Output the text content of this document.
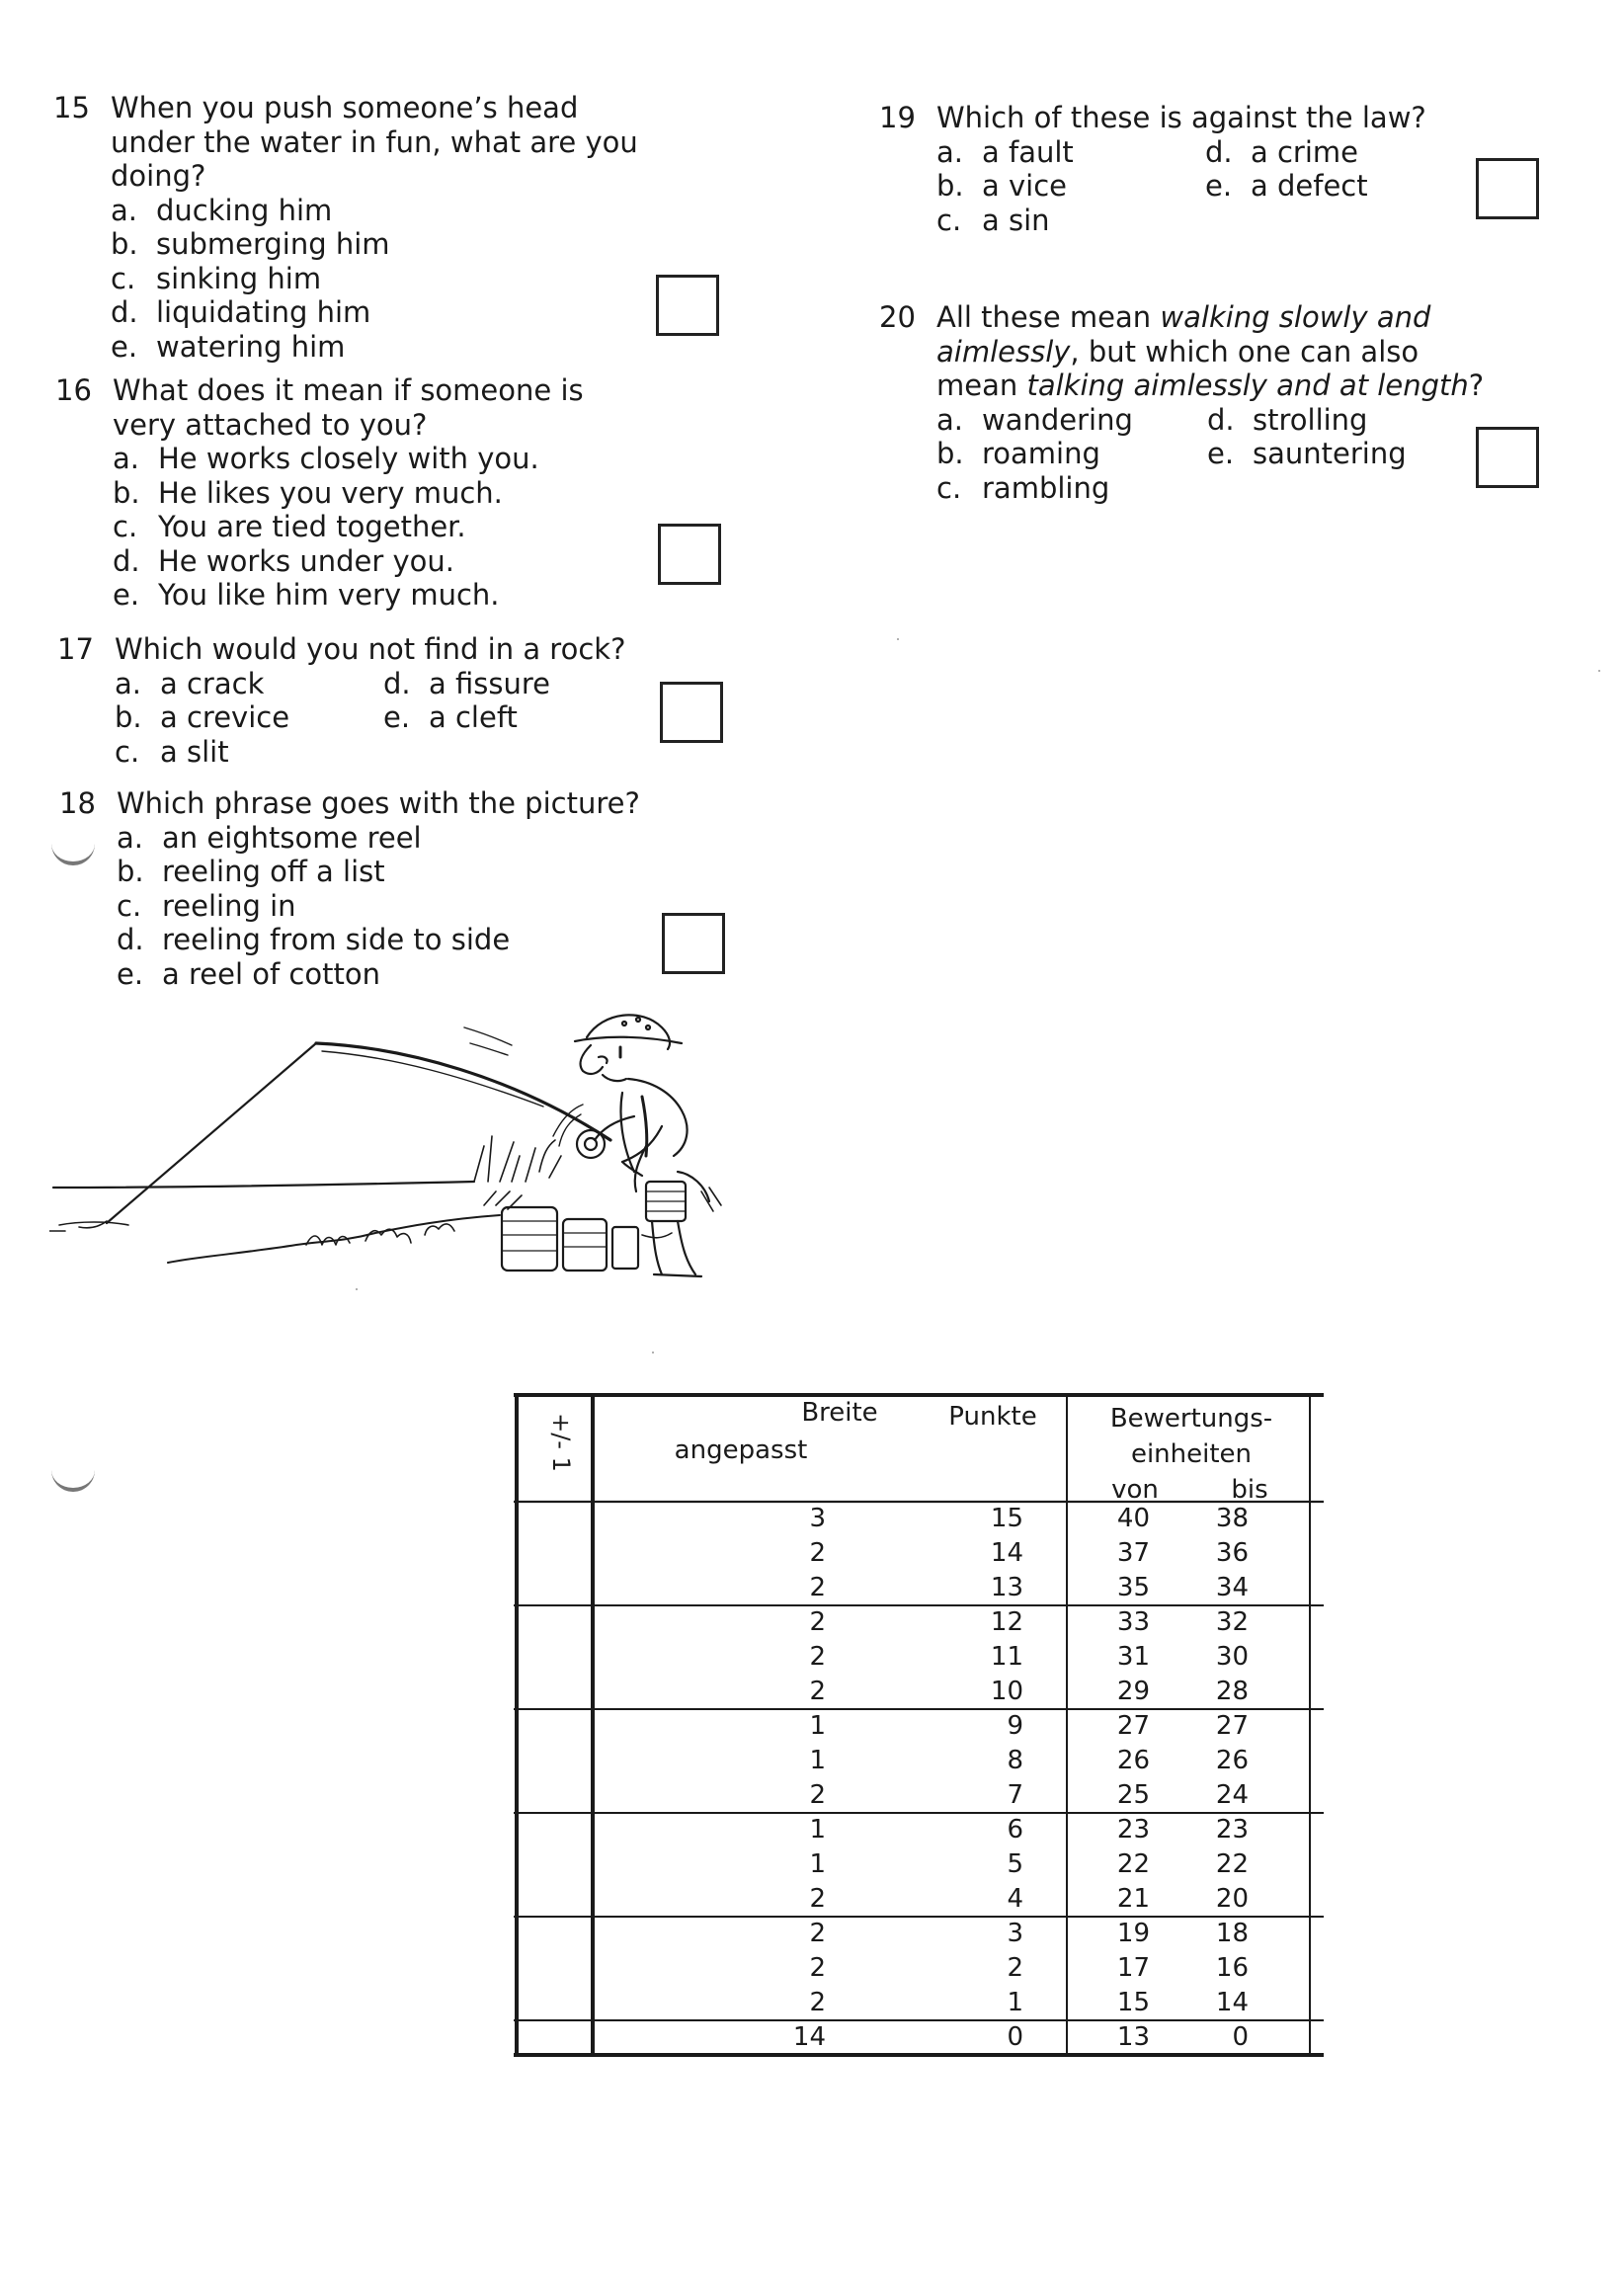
15 When you push someone’s head
under the water in fun, what are you
doing?
a. ducking him
b. submerging him
c. sinking him
d. liquidating him
e. watering him
16 What does it mean if someone is
very attached to you?
a. He works closely with you.
b. He likes you very much.
c. You are tied together.
d. He works under you.
e. You like him very much.
17 Which would you not find in a rock?
a. a crack
b. a crevice
c. a slit
d. a fissure
e. a cleft
18 Which phrase goes with the picture?
a. an eightsome reel
b. reeling off a list
c. reeling in
d. reeling from side to side
e. a reel of cotton
19 Which of these is against the law?
a. a fault
b. a vice
c. a sin
d. a crime
e. a defect
20 All these mean walking slowly and
aimlessly, but which one can also
mean talking aimlessly and at length?
a. wandering
b. roaming
c. rambling
d. strolling
e. sauntering
+/- 1
Breite
angepasst
Punkte	Bewertungs-
einheiten
von	bis
3	15	40	38
2	14	37	36
2	13	35	34
2	12	33	32
2	11	31	30
2	10	29	28
1	9	27	27
1	8	26	26
2	7	25	24
1	6	23	23
1	5	22	22
2	4	21	20
2	3	19	18
2	2	17	16
2	1	15	14
14	0	13	0
